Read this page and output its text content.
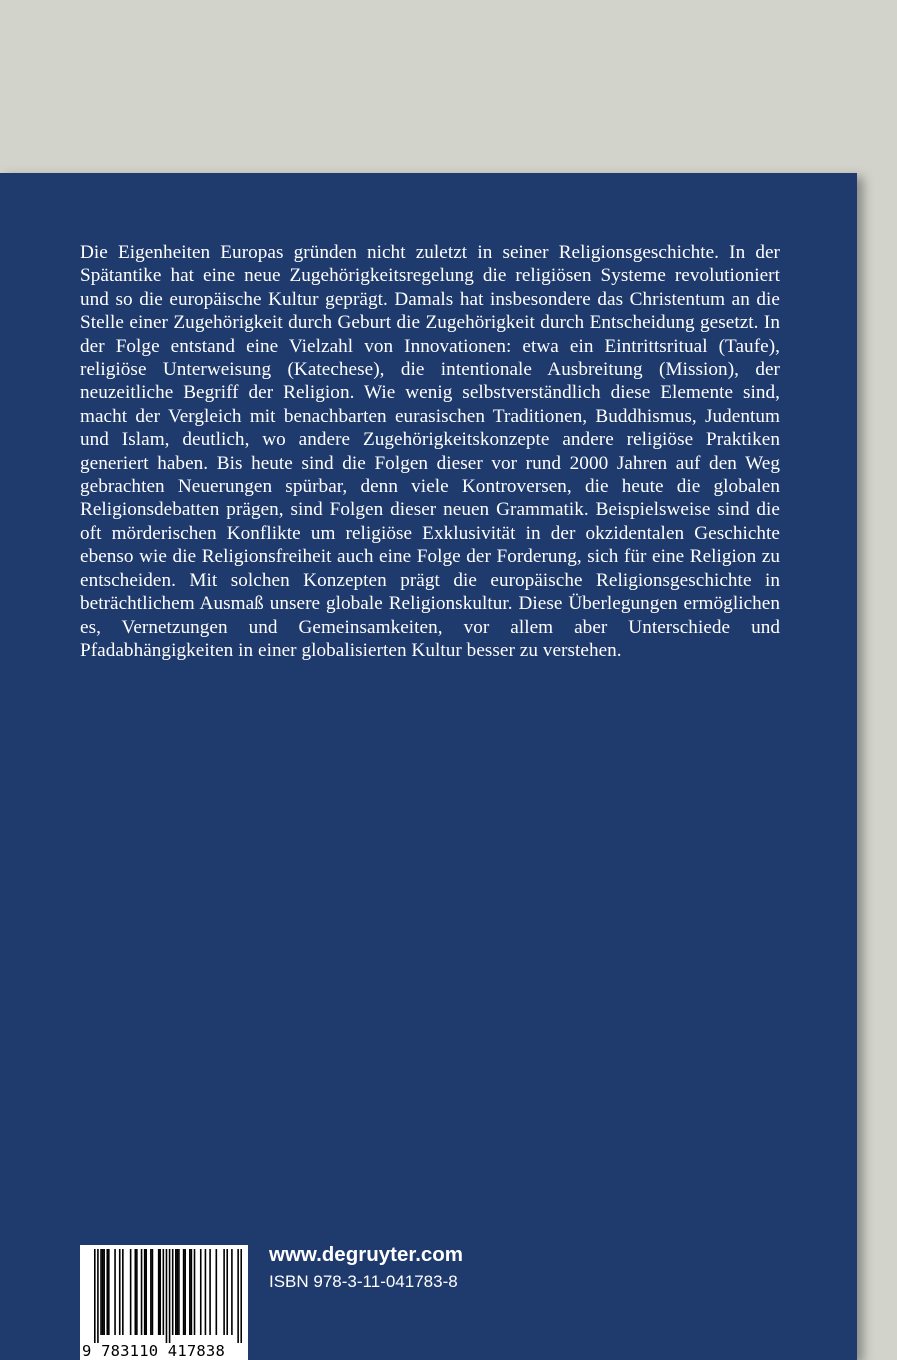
Die Eigenheiten Europas gründen nicht zuletzt in seiner Religionsgeschichte. In der Spätantike hat eine neue Zugehörigkeitsregelung die religiösen Systeme revolutioniert und so die europäische Kultur geprägt. Damals hat insbesondere das Christentum an die Stelle einer Zugehörigkeit durch Geburt die Zugehörigkeit durch Entscheidung gesetzt. In der Folge entstand eine Vielzahl von Innovationen: etwa ein Eintrittsritual (Taufe), religiöse Unterweisung (Katechese), die intentionale Ausbreitung (Mission), der neuzeitliche Begriff der Religion. Wie wenig selbstverständlich diese Elemente sind, macht der Vergleich mit benachbarten eurasischen Traditionen, Buddhismus, Judentum und Islam, deutlich, wo andere Zugehörigkeitskonzepte andere religiöse Praktiken generiert haben. Bis heute sind die Folgen dieser vor rund 2000 Jahren auf den Weg gebrachten Neuerungen spürbar, denn viele Kontroversen, die heute die globalen Religionsdebatten prägen, sind Folgen dieser neuen Grammatik. Beispielsweise sind die oft mörderischen Konflikte um religiöse Exklusivität in der okzidentalen Geschichte ebenso wie die Religionsfreiheit auch eine Folge der Forderung, sich für eine Religion zu entscheiden. Mit solchen Konzepten prägt die europäische Religionsgeschichte in beträchtlichem Ausmaß unsere globale Religionskultur. Diese Überlegungen ermöglichen es, Vernetzungen und Gemeinsamkeiten, vor allem aber Unterschiede und Pfadabhängigkeiten in einer globalisierten Kultur besser zu verstehen.

9 783110 417838
www.degruyter.com
ISBN 978-3-11-041783-8
